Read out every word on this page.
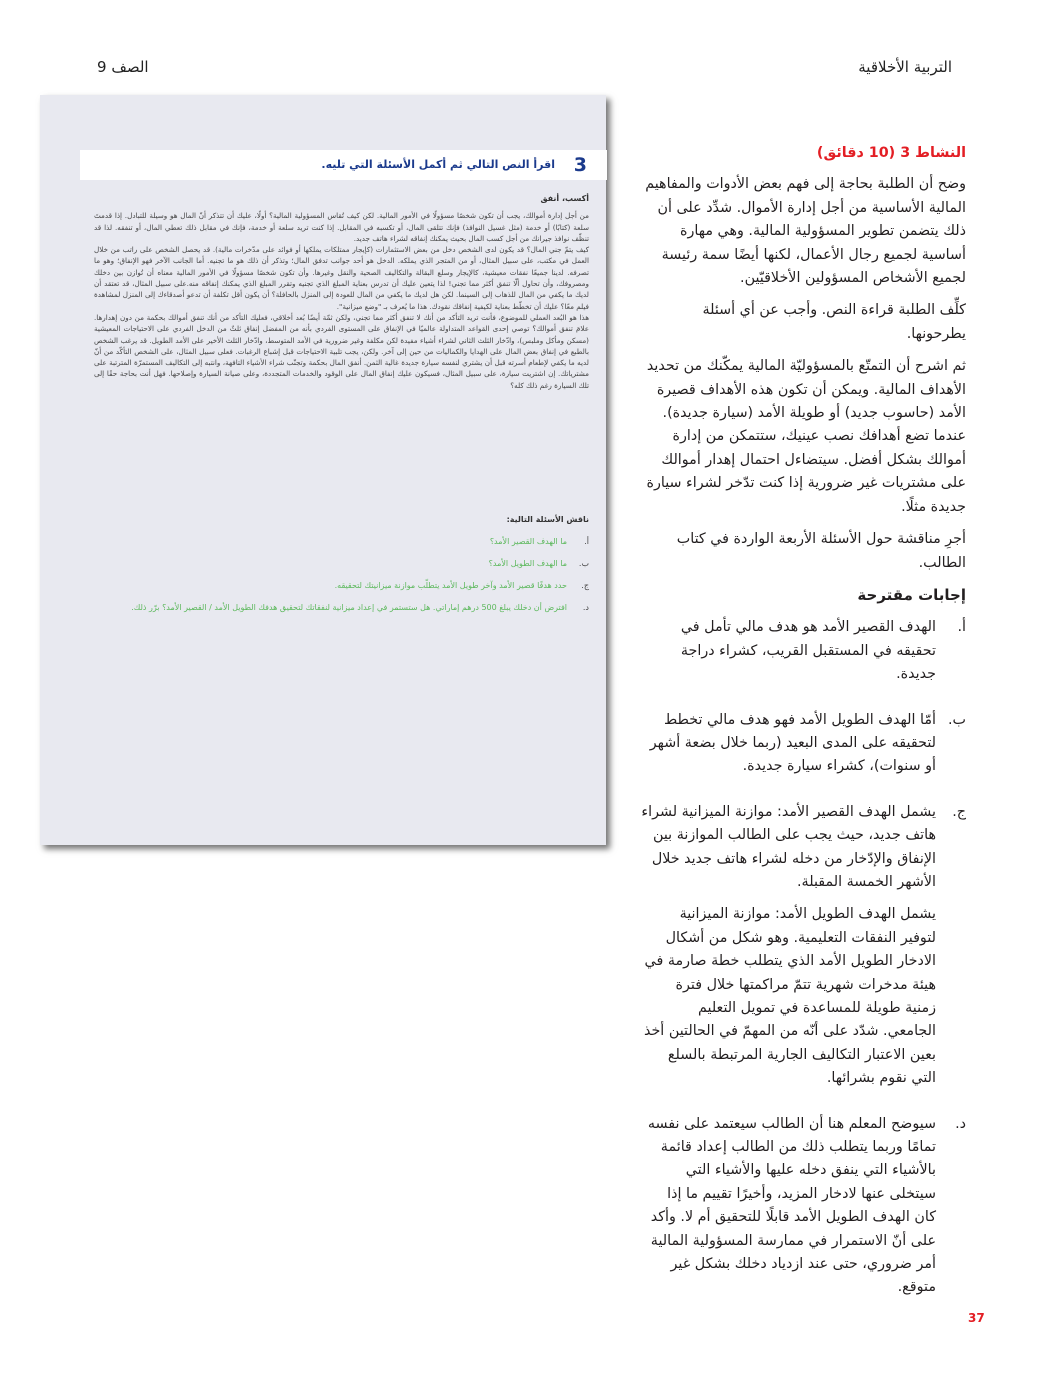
التربية الأخلاقية
الصف 9
3
اقرأ النص التالي ثم أكمل الأسئلة التي تليه.
أكسب، أنفق

من أجل إدارة أموالك، يجب أن تكون شخصًا مسؤولًا في الأمور المالية. لكن كيف تُقاس المسؤولية المالية؟ أولًا، عليك أن تتذكر أنّ المال هو وسيلة للتبادل. إذا قدمتَ سلعة (كتابًا) أو خدمة (مثل غسيل النوافذ) فإنك تتلقى المال، أو تكسبه في المقابل. إذا كنت تريد سلعة أو خدمة، فإنك في مقابل ذلك تعطي المال، أو تنفقه. لذا قد تنظّف نوافذ جيرانك من أجل كسب المال بحيث يمكنك إنفاقه لشراء هاتف جديد.

كيف يتمّ جني المال؟ قد يكون لدى الشخص دخل من بعض الاستثمارات (كإيجار ممتلكات يملكها أو فوائد على مدّخرات مالية). قد يحصل الشخص على راتب من خلال العمل في مكتب، على سبيل المثال، أو من المتجر الذي يملكه. الدخل هو أحد جوانب تدفق المال؛ وتذكر أن ذلك هو ما تجنيه. أما الجانب الآخر فهو الإنفاق؛ وهو ما تصرفه. لدينا جميعًا نفقات معيشية، كالإيجار وسلع البقالة والتكاليف الصحية والنقل وغيرها. وأن تكون شخصًا مسؤولًا في الأمور المالية معناه أن تُوازن بين دخلك ومصروفك، وأن تحاول ألّا تنفق أكثر مما تجني! لذا يتعين عليك أن تدرس بعناية المبلغ الذي تجنيه وتقرر المبلغ الذي يمكنك إنفاقه منه.على سبيل المثال، قد تعتقد أن لديك ما يكفي من المال للذهاب إلى السينما. لكن هل لديك ما يكفي من المال للعودة إلى المنزل بالحافلة؟ أن يكون أقل تكلفة أن تدعو أصدقاءك إلى المنزل لمشاهدة فيلم معًا؟ عليك أن تخطّط بعناية لكيفية إنفاقك نقودك. هذا ما يُعرف بـ "وضع ميزانية".

هذا هو البُعد العملي للموضوع، فأنت تريد التأكد من أنك لا تنفق أكثر مما تجني، ولكن ثمّة أيضًا بُعد أخلاقي، فعليك التأكد من أنك تنفق أموالك بحكمة من دون إهدارها. علامَ تنفق أموالك؟ توصي إحدى القواعد المتداولة عالميًا في الإنفاق على المستوى الفردي بأنه من المفضل إنفاق ثلثٌ من الدخل الفردي على الاحتياجات المعيشية (مسكن ومأكل وملبس)، وادّخار الثلث الثاني لشراء أشياء مفيدة لكن مكلفة وغير ضرورية في الأمد المتوسط، وادّخار الثلث الأخير على الأمد الطويل. قد يرغب الشخص بالطبع في إنفاق بعض المال على الهدايا والكماليات من حين إلى آخر. ولكن، يجب تلبية الاحتياجات قبل إشباع الرغبات. فعلى سبيل المثال، على الشخص التأكّد من أنّ لديه ما يكفي لإطعام أسرته قبل أن يشتري لنفسه سيارة جديدة غالية الثمن. أنفق المال بحكمة وتجنّب شراء الأشياء التافهة، وانتبه إلى التكاليف المستمرّة المترتبة على مشترياتك. إن اشتريت سيارة، على سبيل المثال، فسيكون عليك إنفاق المال على الوقود والخدمات المتجددة، وعلى صيانة السيارة وإصلاحها. فهل أنت بحاجة حقًا إلى تلك السيارة رغم ذلك كله؟

ناقش الأسئلة التالية:
أ.
ما الهدف القصير الأمد؟
ب.
ما الهدف الطويل الأمد؟
ج.
حدد هدفًا قصير الأمد وآخر طويل الأمد يتطلّب موازنة ميزانيتك لتحقيقه.
د.
افترض أن دخلك يبلغ 500 درهم إماراتي. هل ستستمر في إعداد ميزانية لنفقاتك لتحقيق هدفك الطويل الأمد / القصير الأمد؟ برّر ذلك.
النشاط 3 (10 دقائق)

وضح أن الطلبة بحاجة إلى فهم بعض الأدوات والمفاهيم المالية الأساسية من أجل إدارة الأموال. شدِّد على أن ذلك يتضمن تطوير المسؤولية المالية. وهي مهارة أساسية لجميع رجال الأعمال، لكنها أيضًا سمة رئيسة لجميع الأشخاص المسؤولين الأخلاقيّين.

كلِّف الطلبة قراءة النص. وأجب عن أي أسئلة يطرحونها.

ثم اشرح أن التمتّع بالمسؤوليّة المالية يمكّنك من تحديد الأهداف المالية. ويمكن أن تكون هذه الأهداف قصيرة الأمد (حاسوب جديد) أو طويلة الأمد (سيارة جديدة). عندما تضع أهدافك نصب عينيك، ستتمكن من إدارة أموالك بشكل أفضل. سيتضاءل احتمال إهدار أموالك على مشتريات غير ضرورية إذا كنت تدّخر لشراء سيارة جديدة مثلًا.

أجرِ مناقشة حول الأسئلة الأربعة الواردة في كتاب الطالب.

إجابات مقترحة
أ.

الهدف القصير الأمد هو هدف مالي تأمل في تحقيقه في المستقبل القريب، كشراء دراجة جديدة.

ب.

أمّا الهدف الطويل الأمد فهو هدف مالي تخطط لتحقيقه على المدى البعيد (ربما خلال بضعة أشهر أو سنوات)، كشراء سيارة جديدة.

ج.

يشمل الهدف القصير الأمد: موازنة الميزانية لشراء هاتف جديد، حيث يجب على الطالب الموازنة بين الإنفاق والإدّخار من دخله لشراء هاتف جديد خلال الأشهر الخمسة المقبلة.

يشمل الهدف الطويل الأمد: موازنة الميزانية لتوفير النفقات التعليمية. وهو شكل من أشكال الادخار الطويل الأمد الذي يتطلب خطة صارمة في هيئة مدخرات شهرية تتمّ مراكمتها خلال فترة زمنية طويلة للمساعدة في تمويل التعليم الجامعي. شدّد على أنّه من المهمّ في الحالتين أخذ بعين الاعتبار التكاليف الجارية المرتبطة بالسلع التي نقوم بشرائها.

د.

سيوضح المعلم هنا أن الطالب سيعتمد على نفسه تمامًا وربما يتطلب ذلك من الطالب إعداد قائمة بالأشياء التي ينفق دخله عليها والأشياء التي سيتخلى عنها لادخار المزيد، وأخيرًا تقييم ما إذا كان الهدف الطويل الأمد قابلًا للتحقيق أم لا. وأكد على أنّ الاستمرار في ممارسة المسؤولية المالية أمر ضروري، حتى عند ازدياد دخلك بشكل غير متوقع.

37
